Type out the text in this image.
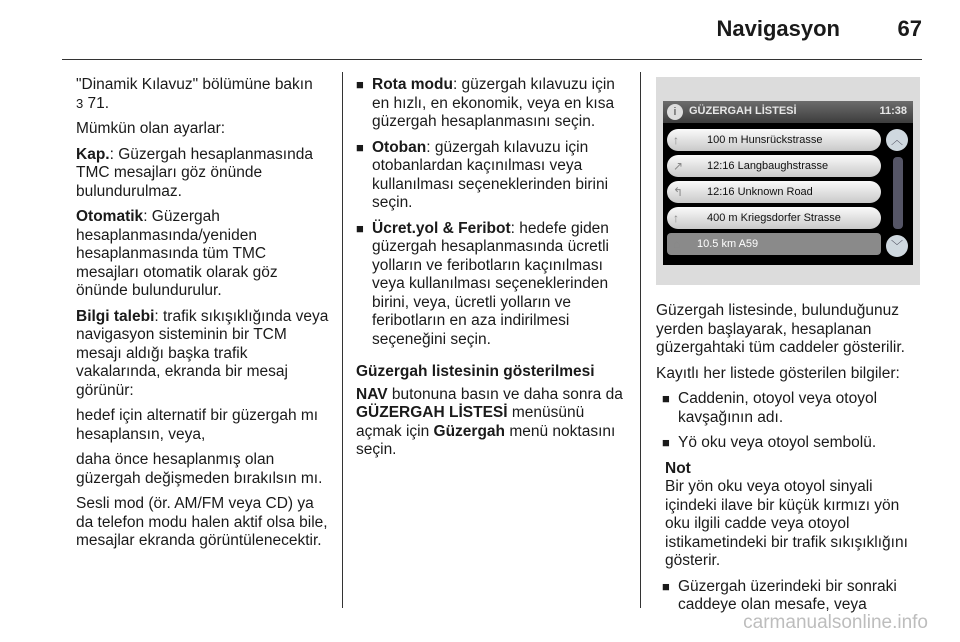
Navigasyon	67

"Dinamik Kılavuz" bölümüne bakın
3 71.

Mümkün olan ayarlar:

Kap.: Güzergah hesaplanmasında TMC mesajları göz önünde bulundurulmaz.

Otomatik: Güzergah hesaplanmasında/yeniden hesaplanmasında tüm TMC mesajları otomatik olarak göz önünde bulundurulur.

Bilgi talebi: trafik sıkışıklığında veya navigasyon sisteminin bir TCM mesajı aldığı başka trafik vakalarında, ekranda bir mesaj görünür:

hedef için alternatif bir güzergah mı hesaplansın, veya,

daha önce hesaplanmış olan güzergah değişmeden bırakılsın mı.

Sesli mod (ör. AM/FM veya CD) ya da telefon modu halen aktif olsa bile, mesajlar ekranda görüntülenecektir.

■ Rota modu: güzergah kılavuzu için en hızlı, en ekonomik, veya en kısa güzergah hesaplanmasını seçin.
■ Otoban: güzergah kılavuzu için otobanlardan kaçınılması veya kullanılması seçeneklerinden birini seçin.
■ Ücret.yol & Feribot: hedefe giden güzergah hesaplanmasında ücretli yolların ve feribotların kaçınılması veya kullanılması seçeneklerinden birini, veya, ücretli yolların ve feribotların en aza indirilmesi seçeneğini seçin.
Güzergah listesinin gösterilmesi

NAV butonuna basın ve daha sonra da GÜZERGAH LİSTESİ menüsünü açmak için Güzergah menü noktasını seçin.

i	GÜZERGAH LİSTESİ	11:38
↑	100 m Hunsrückstrasse
↗ 12:16 Langbaughstrasse
↰ 12:16 Unknown Road
↑	400 m Kriegsdorfer Strasse
⌂ 10.5 km A59
︿
﹀

Güzergah listesinde, bulunduğunuz yerden başlayarak, hesaplanan güzergahtaki tüm caddeler gösterilir.

Kayıtlı her listede gösterilen bilgiler:

■ Caddenin, otoyol veya otoyol kavşağının adı.
■ Yö oku veya otoyol sembolü.
Not
Bir yön oku veya otoyol sinyali içindeki ilave bir küçük kırmızı yön oku ilgili cadde veya otoyol istikametindeki bir trafik sıkışıklığını gösterir.
■ Güzergah üzerindeki bir sonraki caddeye olan mesafe, veya
carmanualsonline.info
